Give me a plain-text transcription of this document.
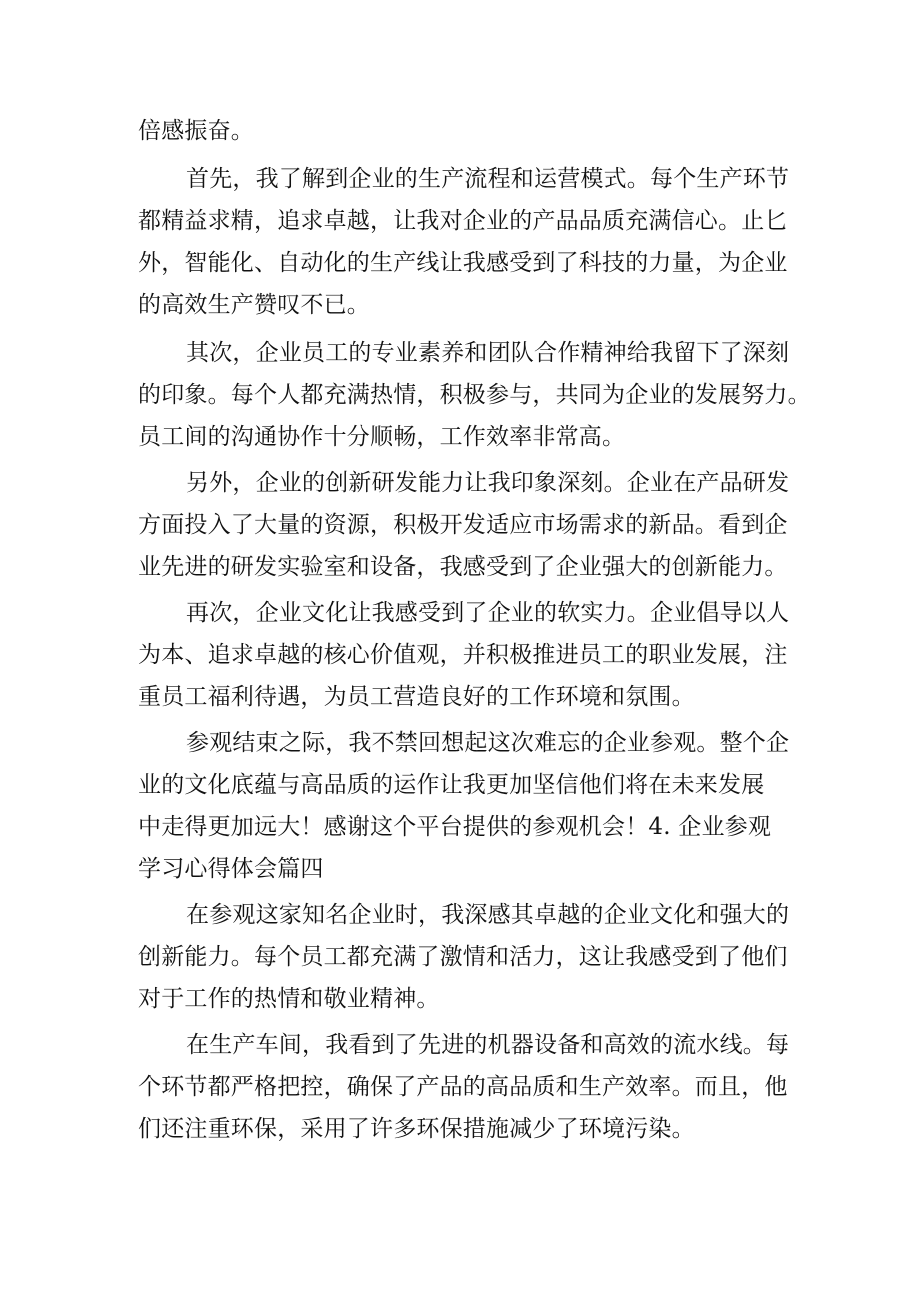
倍感振奋。
首先，我了解到企业的生产流程和运营模式。每个生产环节
都精益求精，追求卓越，让我对企业的产品品质充满信心。止匕
外，智能化、自动化的生产线让我感受到了科技的力量，为企业
的高效生产赞叹不已。
其次，企业员工的专业素养和团队合作精神给我留下了深刻
的印象。每个人都充满热情，积极参与，共同为企业的发展努力。
员工间的沟通协作十分顺畅，工作效率非常高。
另外，企业的创新研发能力让我印象深刻。企业在产品研发
方面投入了大量的资源，积极开发适应市场需求的新品。看到企
业先进的研发实验室和设备，我感受到了企业强大的创新能力。
再次，企业文化让我感受到了企业的软实力。企业倡导以人
为本、追求卓越的核心价值观，并积极推进员工的职业发展，注
重员工福利待遇，为员工营造良好的工作环境和氛围。
参观结束之际，我不禁回想起这次难忘的企业参观。整个企
业的文化底蕴与高品质的运作让我更加坚信他们将在未来发展
中走得更加远大！感谢这个平台提供的参观机会！4. 企业参观
学习心得体会篇四
在参观这家知名企业时，我深感其卓越的企业文化和强大的
创新能力。每个员工都充满了激情和活力，这让我感受到了他们
对于工作的热情和敬业精神。
在生产车间，我看到了先进的机器设备和高效的流水线。每
个环节都严格把控，确保了产品的高品质和生产效率。而且，他
们还注重环保，采用了许多环保措施减少了环境污染。
